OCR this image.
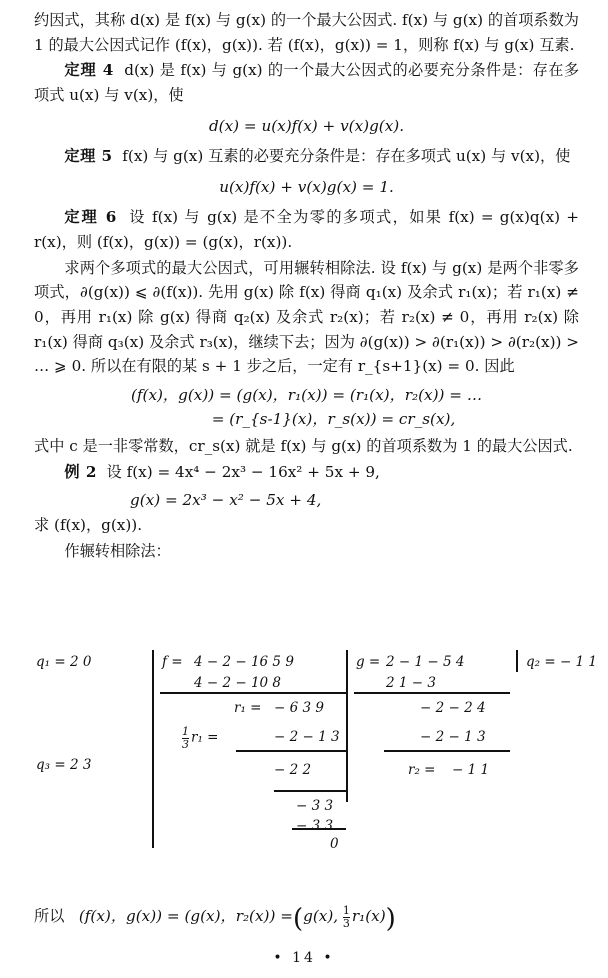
约因式，其称 d(x) 是 f(x) 与 g(x) 的一个最大公因式. f(x) 与 g(x) 的首项系数为 1 的最大公因式记作 (f(x)，g(x)). 若 (f(x)，g(x)) = 1，则称 f(x) 与 g(x) 互素.

定理 4 d(x) 是 f(x) 与 g(x) 的一个最大公因式的必要充分条件是：存在多项式 u(x) 与 v(x)，使

d(x) = u(x)f(x) + v(x)g(x).

定理 5 f(x) 与 g(x) 互素的必要充分条件是：存在多项式 u(x) 与 v(x)，使

u(x)f(x) + v(x)g(x) = 1.

定理 6 设 f(x) 与 g(x) 是不全为零的多项式，如果 f(x) = g(x)q(x) + r(x)，则 (f(x)，g(x)) = (g(x)，r(x)).

求两个多项式的最大公因式，可用辗转相除法. 设 f(x) 与 g(x) 是两个非零多项式，∂(g(x)) ⩽ ∂(f(x)). 先用 g(x) 除 f(x) 得商 q₁(x) 及余式 r₁(x)；若 r₁(x) ≠ 0，再用 r₁(x) 除 g(x) 得商 q₂(x) 及余式 r₂(x)；若 r₂(x) ≠ 0，再用 r₂(x) 除 r₁(x) 得商 q₃(x) 及余式 r₃(x)，继续下去；因为 ∂(g(x)) > ∂(r₁(x)) > ∂(r₂(x)) > … ⩾ 0. 所以在有限的某 s + 1 步之后，一定有 r_{s+1}(x) = 0. 因此

(f(x)，g(x)) = (g(x)，r₁(x)) = (r₁(x)，r₂(x)) = …
= (r_{s-1}(x)，r_s(x)) = cr_s(x),

式中 c 是一非零常数，cr_s(x) 就是 f(x) 与 g(x) 的首项系数为 1 的最大公因式.

例 2 设 f(x) = 4x⁴ − 2x³ − 16x² + 5x + 9,

g(x) = 2x³ − x² − 5x + 4,

求 (f(x)，g(x)).

作辗转相除法：

q₁ = 2 0
q₃ = 2 3
q₂ = − 1 1
f = 4 − 2 − 16 5 9
4 − 2 − 10 8
r₁ = − 6 3 9
$\frac{1}{3} r_1$ =	− 2 − 1 3
− 2 2
− 3 3
− 3 3
0
g = 2 − 1 − 5 4
2 1 − 3
− 2 − 2 4
− 2 − 1 3
r₂ = − 1 1
所以 (f(x)，g(x)) = (g(x)，r₂(x)) =(g(x), $\frac{1}{3} r_1(x)$)
• 14 •
